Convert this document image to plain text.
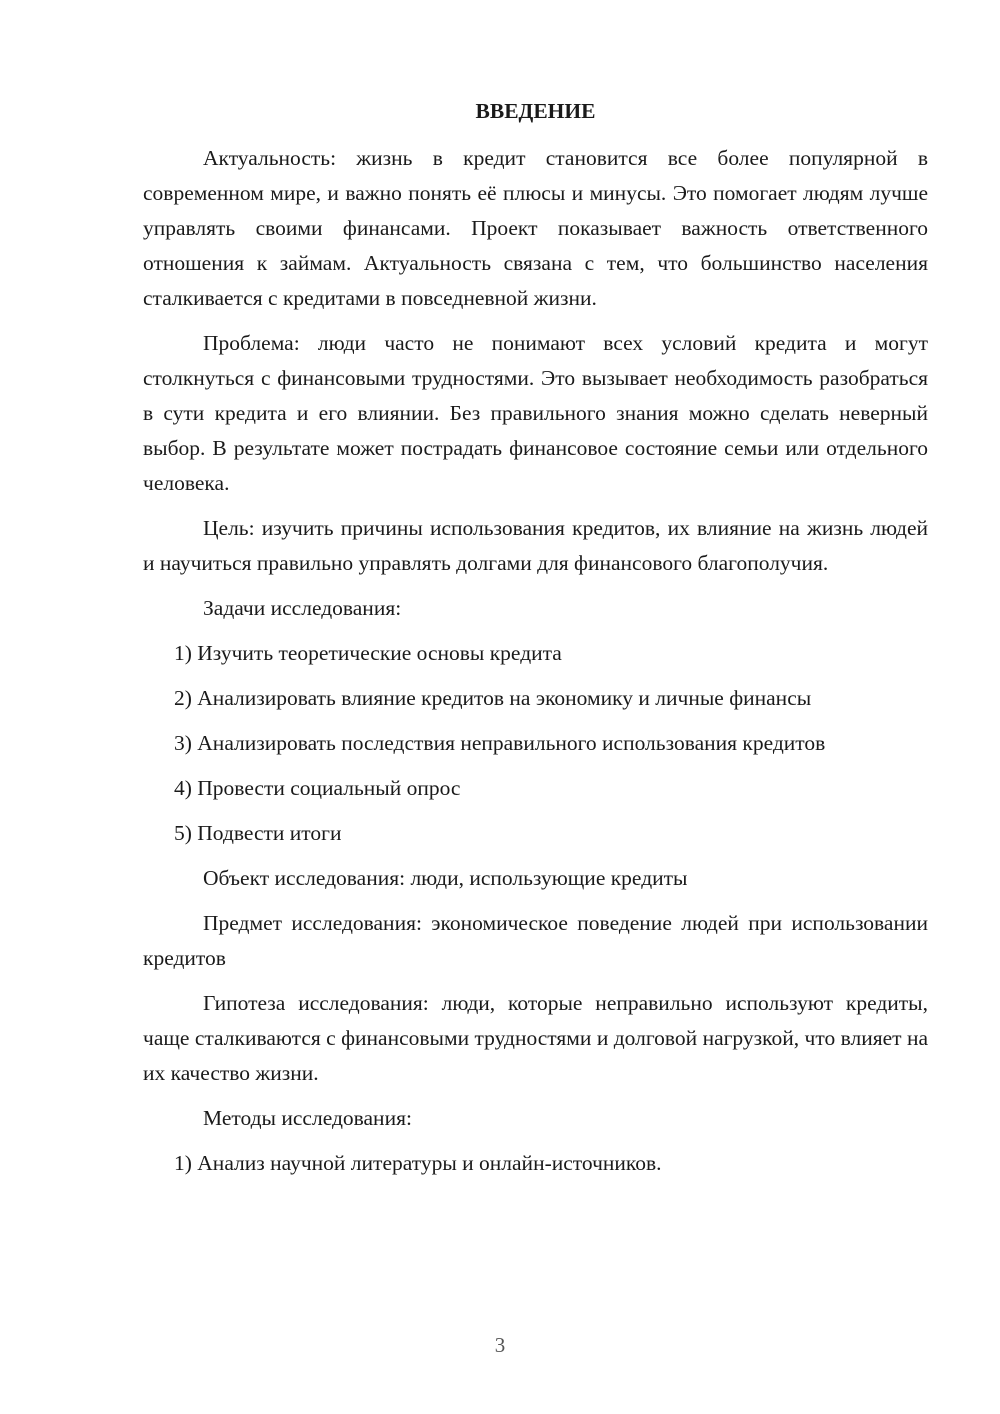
ВВЕДЕНИЕ

Актуальность: жизнь в кредит становится все более популярной в современном мире, и важно понять её плюсы и минусы. Это помогает людям лучше управлять своими финансами. Проект показывает важность ответственного отношения к займам. Актуальность связана с тем, что большинство населения сталкивается с кредитами в повседневной жизни.

Проблема: люди часто не понимают всех условий кредита и могут столкнуться с финансовыми трудностями. Это вызывает необходимость разобраться в сути кредита и его влиянии. Без правильного знания можно сделать неверный выбор. В результате может пострадать финансовое состояние семьи или отдельного человека.

Цель: изучить причины использования кредитов, их влияние на жизнь людей и научиться правильно управлять долгами для финансового благополучия.

Задачи исследования:

1) Изучить теоретические основы кредита

2) Анализировать влияние кредитов на экономику и личные финансы

3) Анализировать последствия неправильного использования кредитов

4) Провести социальный опрос

5) Подвести итоги

Объект исследования: люди, использующие кредиты

Предмет исследования: экономическое поведение людей при использовании кредитов

Гипотеза исследования: люди, которые неправильно используют кредиты, чаще сталкиваются с финансовыми трудностями и долговой нагрузкой, что влияет на их качество жизни.

Методы исследования:

1) Анализ научной литературы и онлайн-источников.

3
